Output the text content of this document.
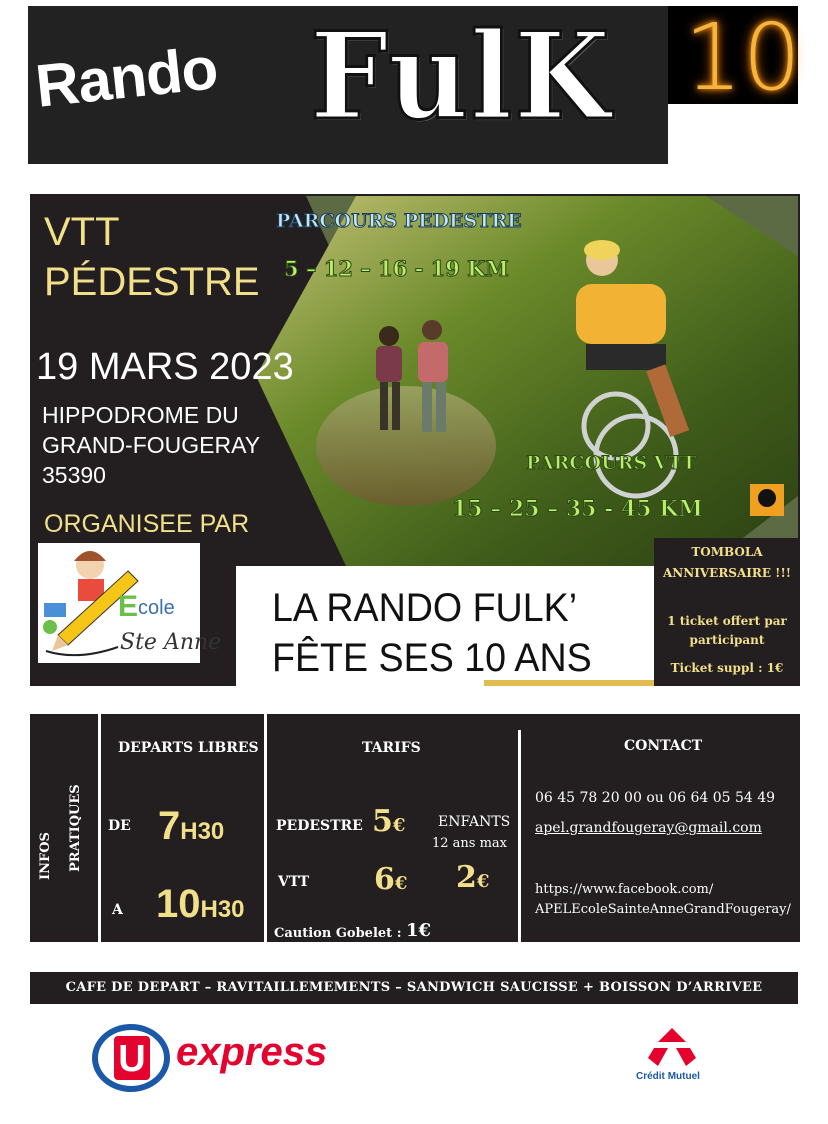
Rando FulK 10
VTT
PÉDESTRE
PARCOURS PEDESTRE
5 – 12 – 16 - 19 KM
19 MARS 2023
HIPPODROME DU
GRAND-FOUGERAY
35390
ORGANISEE PAR
E cole
Ste Anne
PARCOURS VTT
15 – 25 – 35 - 45 KM
TOMBOLA
ANNIVERSAIRE !!!
1 ticket offert par
participant
Ticket suppl : 1€
LA RANDO FULK’
FÊTE SES 10 ANS
INFOS PRATIQUES
DEPARTS LIBRES
DE 7H30
A 10H30
TARIFS
PEDESTRE 5€ ENFANTS
12 ans max
VTT 6€ 2€
Caution Gobelet : 1€
CONTACT
06 45 78 20 00 ou 06 64 05 54 49
apel.grandfougeray@gmail.com
https://www.facebook.com/
APELEcoleSainteAnneGrandFougeray/
CAFE DE DEPART – RAVITAILLEMEMENTS – SANDWICH SAUCISSE + BOISSON D’ARRIVEE
U express
Crédit Mutuel
